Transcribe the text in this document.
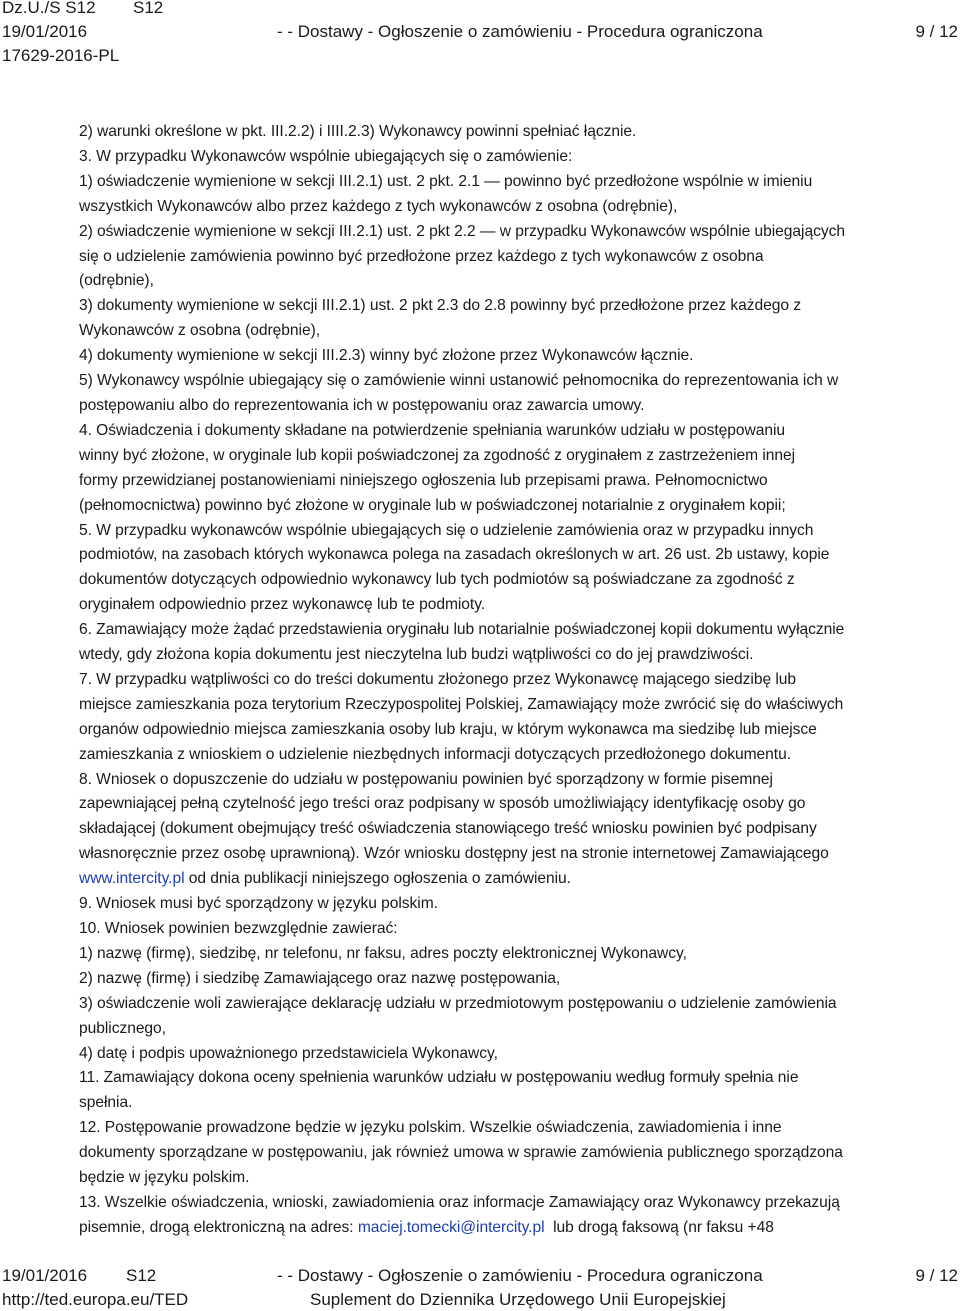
Dz.U./S S12
19/01/2016
S12
17629-2016-PL
- - Dostawy - Ogłoszenie o zamówieniu - Procedura ograniczona	9 / 12
2) warunki określone w pkt. III.2.2) i IIII.2.3) Wykonawcy powinni spełniać łącznie.
3. W przypadku Wykonawców wspólnie ubiegających się o zamówienie:
1) oświadczenie wymienione w sekcji III.2.1) ust. 2 pkt. 2.1 — powinno być przedłożone wspólnie w imieniu
wszystkich Wykonawców albo przez każdego z tych wykonawców z osobna (odrębnie),
2) oświadczenie wymienione w sekcji III.2.1) ust. 2 pkt 2.2 — w przypadku Wykonawców wspólnie ubiegających
się o udzielenie zamówienia powinno być przedłożone przez każdego z tych wykonawców z osobna
(odrębnie),
3) dokumenty wymienione w sekcji III.2.1) ust. 2 pkt 2.3 do 2.8 powinny być przedłożone przez każdego z
Wykonawców z osobna (odrębnie),
4) dokumenty wymienione w sekcji III.2.3) winny być złożone przez Wykonawców łącznie.
5) Wykonawcy wspólnie ubiegający się o zamówienie winni ustanowić pełnomocnika do reprezentowania ich w
postępowaniu albo do reprezentowania ich w postępowaniu oraz zawarcia umowy.
4. Oświadczenia i dokumenty składane na potwierdzenie spełniania warunków udziału w postępowaniu
winny być złożone, w oryginale lub kopii poświadczonej za zgodność z oryginałem z zastrzeżeniem innej
formy przewidzianej postanowieniami niniejszego ogłoszenia lub przepisami prawa. Pełnomocnictwo
(pełnomocnictwa) powinno być złożone w oryginale lub w poświadczonej notarialnie z oryginałem kopii;
5. W przypadku wykonawców wspólnie ubiegających się o udzielenie zamówienia oraz w przypadku innych
podmiotów, na zasobach których wykonawca polega na zasadach określonych w art. 26 ust. 2b ustawy, kopie
dokumentów dotyczących odpowiednio wykonawcy lub tych podmiotów są poświadczane za zgodność z
oryginałem odpowiednio przez wykonawcę lub te podmioty.
6. Zamawiający może żądać przedstawienia oryginału lub notarialnie poświadczonej kopii dokumentu wyłącznie
wtedy, gdy złożona kopia dokumentu jest nieczytelna lub budzi wątpliwości co do jej prawdziwości.
7. W przypadku wątpliwości co do treści dokumentu złożonego przez Wykonawcę mającego siedzibę lub
miejsce zamieszkania poza terytorium Rzeczypospolitej Polskiej, Zamawiający może zwrócić się do właściwych
organów odpowiednio miejsca zamieszkania osoby lub kraju, w którym wykonawca ma siedzibę lub miejsce
zamieszkania z wnioskiem o udzielenie niezbędnych informacji dotyczących przedłożonego dokumentu.
8. Wniosek o dopuszczenie do udziału w postępowaniu powinien być sporządzony w formie pisemnej
zapewniającej pełną czytelność jego treści oraz podpisany w sposób umożliwiający identyfikację osoby go
składającej (dokument obejmujący treść oświadczenia stanowiącego treść wniosku powinien być podpisany
własnoręcznie przez osobę uprawnioną). Wzór wniosku dostępny jest na stronie internetowej Zamawiającego
www.intercity.pl od dnia publikacji niniejszego ogłoszenia o zamówieniu.
9. Wniosek musi być sporządzony w języku polskim.
10. Wniosek powinien bezwzględnie zawierać:
1) nazwę (firmę), siedzibę, nr telefonu, nr faksu, adres poczty elektronicznej Wykonawcy,
2) nazwę (firmę) i siedzibę Zamawiającego oraz nazwę postępowania,
3) oświadczenie woli zawierające deklarację udziału w przedmiotowym postępowaniu o udzielenie zamówienia
publicznego,
4) datę i podpis upoważnionego przedstawiciela Wykonawcy,
11. Zamawiający dokona oceny spełnienia warunków udziału w postępowaniu według formuły spełnia nie
spełnia.
12. Postępowanie prowadzone będzie w języku polskim. Wszelkie oświadczenia, zawiadomienia i inne
dokumenty sporządzane w postępowaniu, jak również umowa w sprawie zamówienia publicznego sporządzona
będzie w języku polskim.
13. Wszelkie oświadczenia, wnioski, zawiadomienia oraz informacje Zamawiający oraz Wykonawcy przekazują
pisemnie, drogą elektroniczną na adres: maciej.tomecki@intercity.pl  lub drogą faksową (nr faksu +48
19/01/2016 S12
http://ted.europa.eu/TED
- - Dostawy - Ogłoszenie o zamówieniu - Procedura ograniczona
Suplement do Dziennika Urzędowego Unii Europejskiej
9 / 12
